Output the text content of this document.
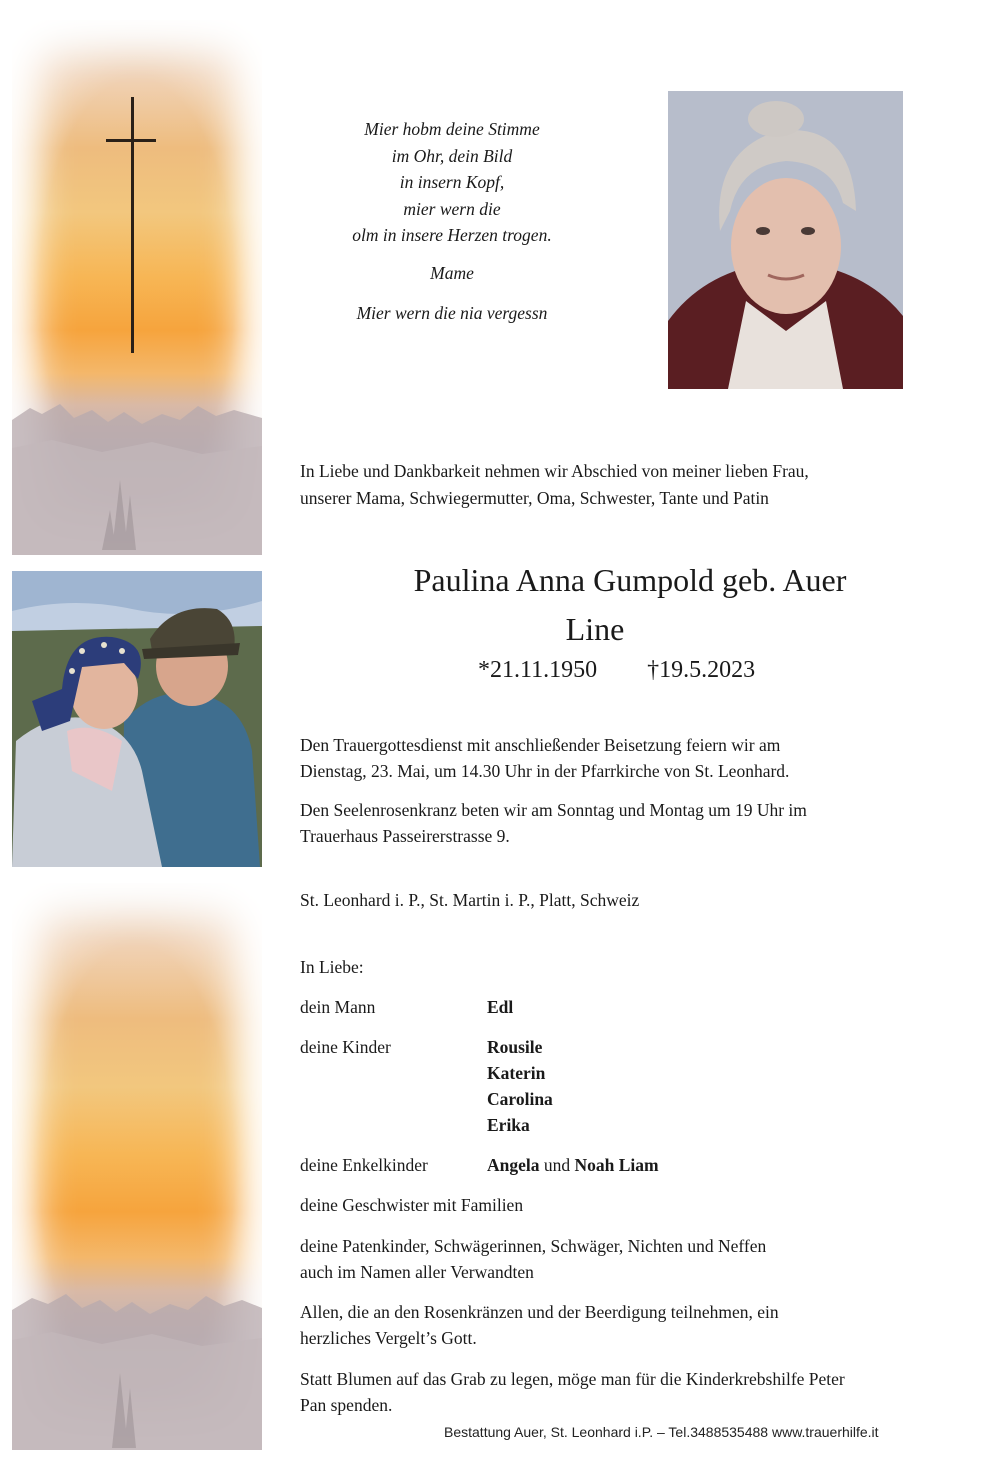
Mier hobm deine Stimme
im Ohr, dein Bild
in insern Kopf,
mier wern die
olm in insere Herzen trogen.
Mame
Mier wern die nia vergessn
In Liebe und Dankbarkeit nehmen wir Abschied von meiner lieben Frau,
unserer Mama, Schwiegermutter, Oma, Schwester, Tante und Patin
Paulina Anna Gumpold geb. Auer
Line
*21.11.1950 †19.5.2023
Den Trauergottesdienst mit anschließender Beisetzung feiern wir am
Dienstag, 23. Mai, um 14.30 Uhr in der Pfarrkirche von St. Leonhard.
Den Seelenrosenkranz beten wir am Sonntag und Montag um 19 Uhr im
Trauerhaus Passeirerstrasse 9.
St. Leonhard i. P., St. Martin i. P., Platt, Schweiz
In Liebe:
dein Mann	Edl
deine Kinder	Rousile
Katerin
Carolina
Erika
deine Enkelkinder	Angela und Noah Liam
deine Geschwister mit Familien
deine Patenkinder, Schwägerinnen, Schwäger, Nichten und Neffen
auch im Namen aller Verwandten
Allen, die an den Rosenkränzen und der Beerdigung teilnehmen, ein
herzliches Vergelt’s Gott.
Statt Blumen auf das Grab zu legen, möge man für die Kinderkrebshilfe Peter
Pan spenden.
Bestattung Auer, St. Leonhard i.P. – Tel.3488535488 www.trauerhilfe.it
